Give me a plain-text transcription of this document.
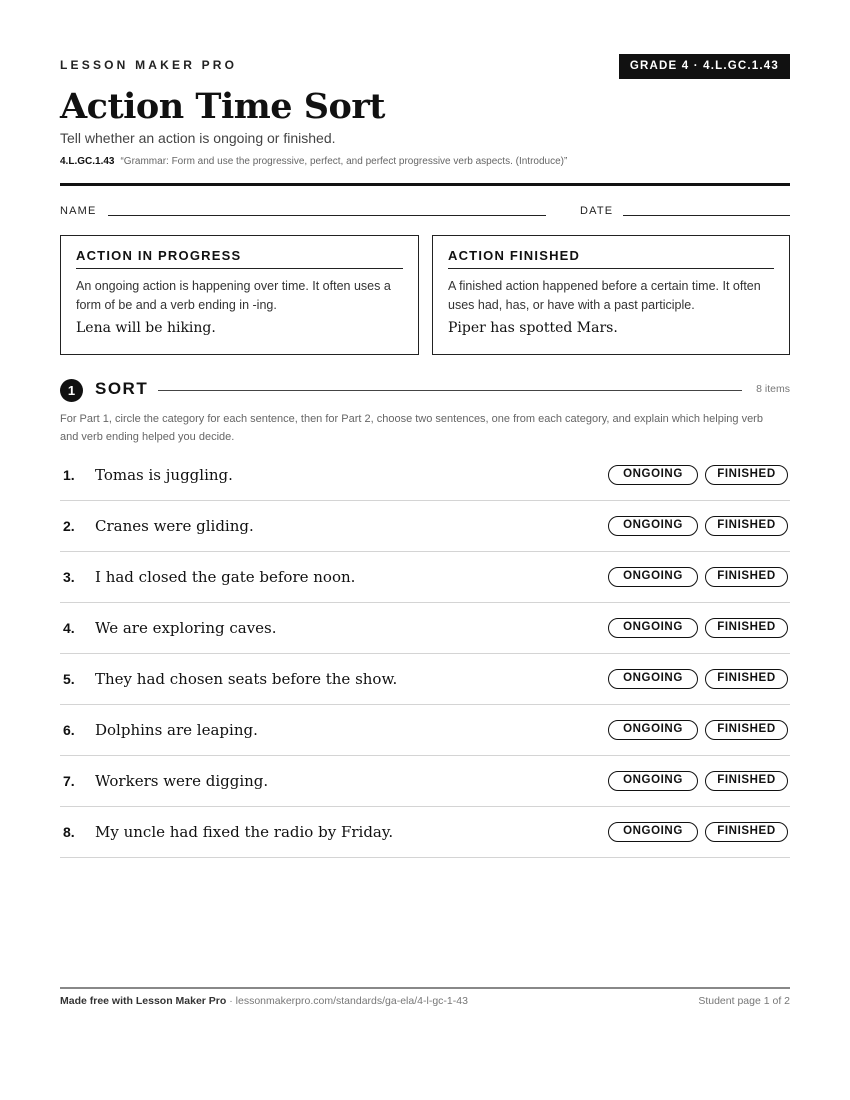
LESSON MAKER PRO	GRADE 4 · 4.L.GC.1.43
Action Time Sort
Tell whether an action is ongoing or finished.
4.L.GC.1.43 “Grammar: Form and use the progressive, perfect, and perfect progressive verb aspects. (Introduce)”
NAME	DATE
ACTION IN PROGRESS
An ongoing action is happening over time. It often uses a form of be and a verb ending in -ing.
Lena will be hiking.
ACTION FINISHED
A finished action happened before a certain time. It often uses had, has, or have with a past participle.
Piper has spotted Mars.
1	SORT	8 items
For Part 1, circle the category for each sentence, then for Part 2, choose two sentences, one from each category, and explain which helping verb and verb ending helped you decide.
1. Tomas is juggling.	ONGOING	FINISHED
2. Cranes were gliding.	ONGOING	FINISHED
3. I had closed the gate before noon.	ONGOING	FINISHED
4. We are exploring caves.	ONGOING	FINISHED
5. They had chosen seats before the show.	ONGOING	FINISHED
6. Dolphins are leaping.	ONGOING	FINISHED
7. Workers were digging.	ONGOING	FINISHED
8. My uncle had fixed the radio by Friday.	ONGOING	FINISHED
Made free with Lesson Maker Pro · lessonmakerpro.com/standards/ga-ela/4-l-gc-1-43	Student page 1 of 2
